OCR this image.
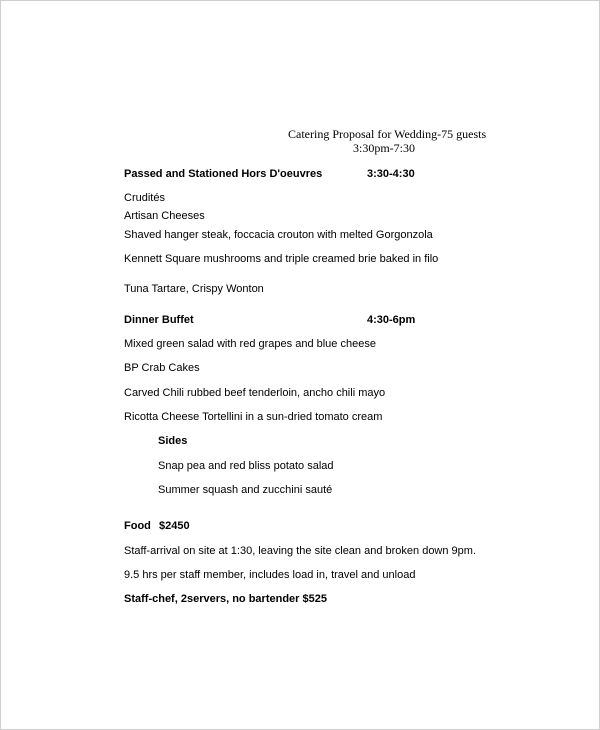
Catering Proposal for Wedding-75 guests
3:30pm-7:30
Passed and Stationed Hors D'oeuvres	3:30-4:30
Crudités
Artisan Cheeses
Shaved hanger steak, foccacia crouton with melted Gorgonzola
Kennett Square mushrooms and triple creamed brie baked in filo
Tuna Tartare, Crispy Wonton
Dinner Buffet	4:30-6pm
Mixed green salad with red grapes and blue cheese
BP Crab Cakes
Carved Chili rubbed beef tenderloin, ancho chili mayo
Ricotta Cheese Tortellini in a sun-dried tomato cream
Sides
Snap pea and red bliss potato salad
Summer squash and zucchini sauté
Food $2450
Staff-arrival on site at 1:30, leaving the site clean and broken down 9pm.
9.5 hrs per staff member, includes load in, travel and unload
Staff-chef, 2servers, no bartender $525
